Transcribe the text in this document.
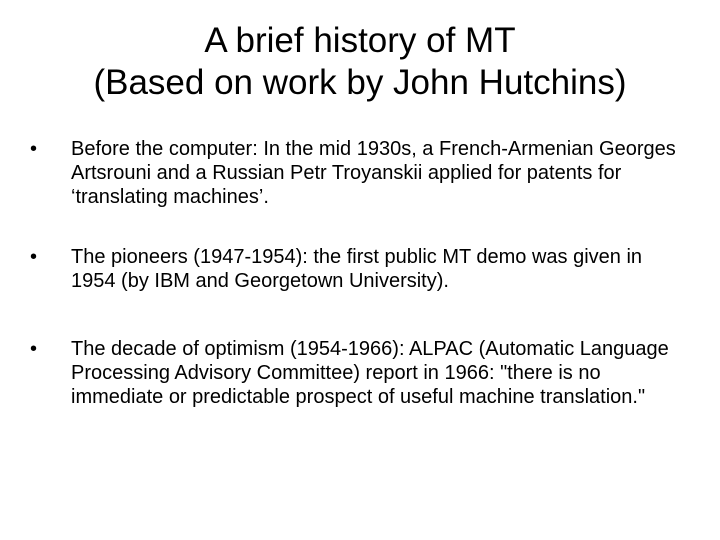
A brief history of MT
(Based on work by John Hutchins)
•	Before the computer: In the mid 1930s, a French-Armenian Georges Artsrouni and a Russian Petr Troyanskii applied for patents for ‘translating machines’.
•	The pioneers (1947-1954): the first public MT demo was given in 1954 (by IBM and Georgetown University).
•	The decade of optimism (1954-1966): ALPAC (Automatic Language Processing Advisory Committee) report in 1966: "there is no immediate or predictable prospect of useful machine translation."
